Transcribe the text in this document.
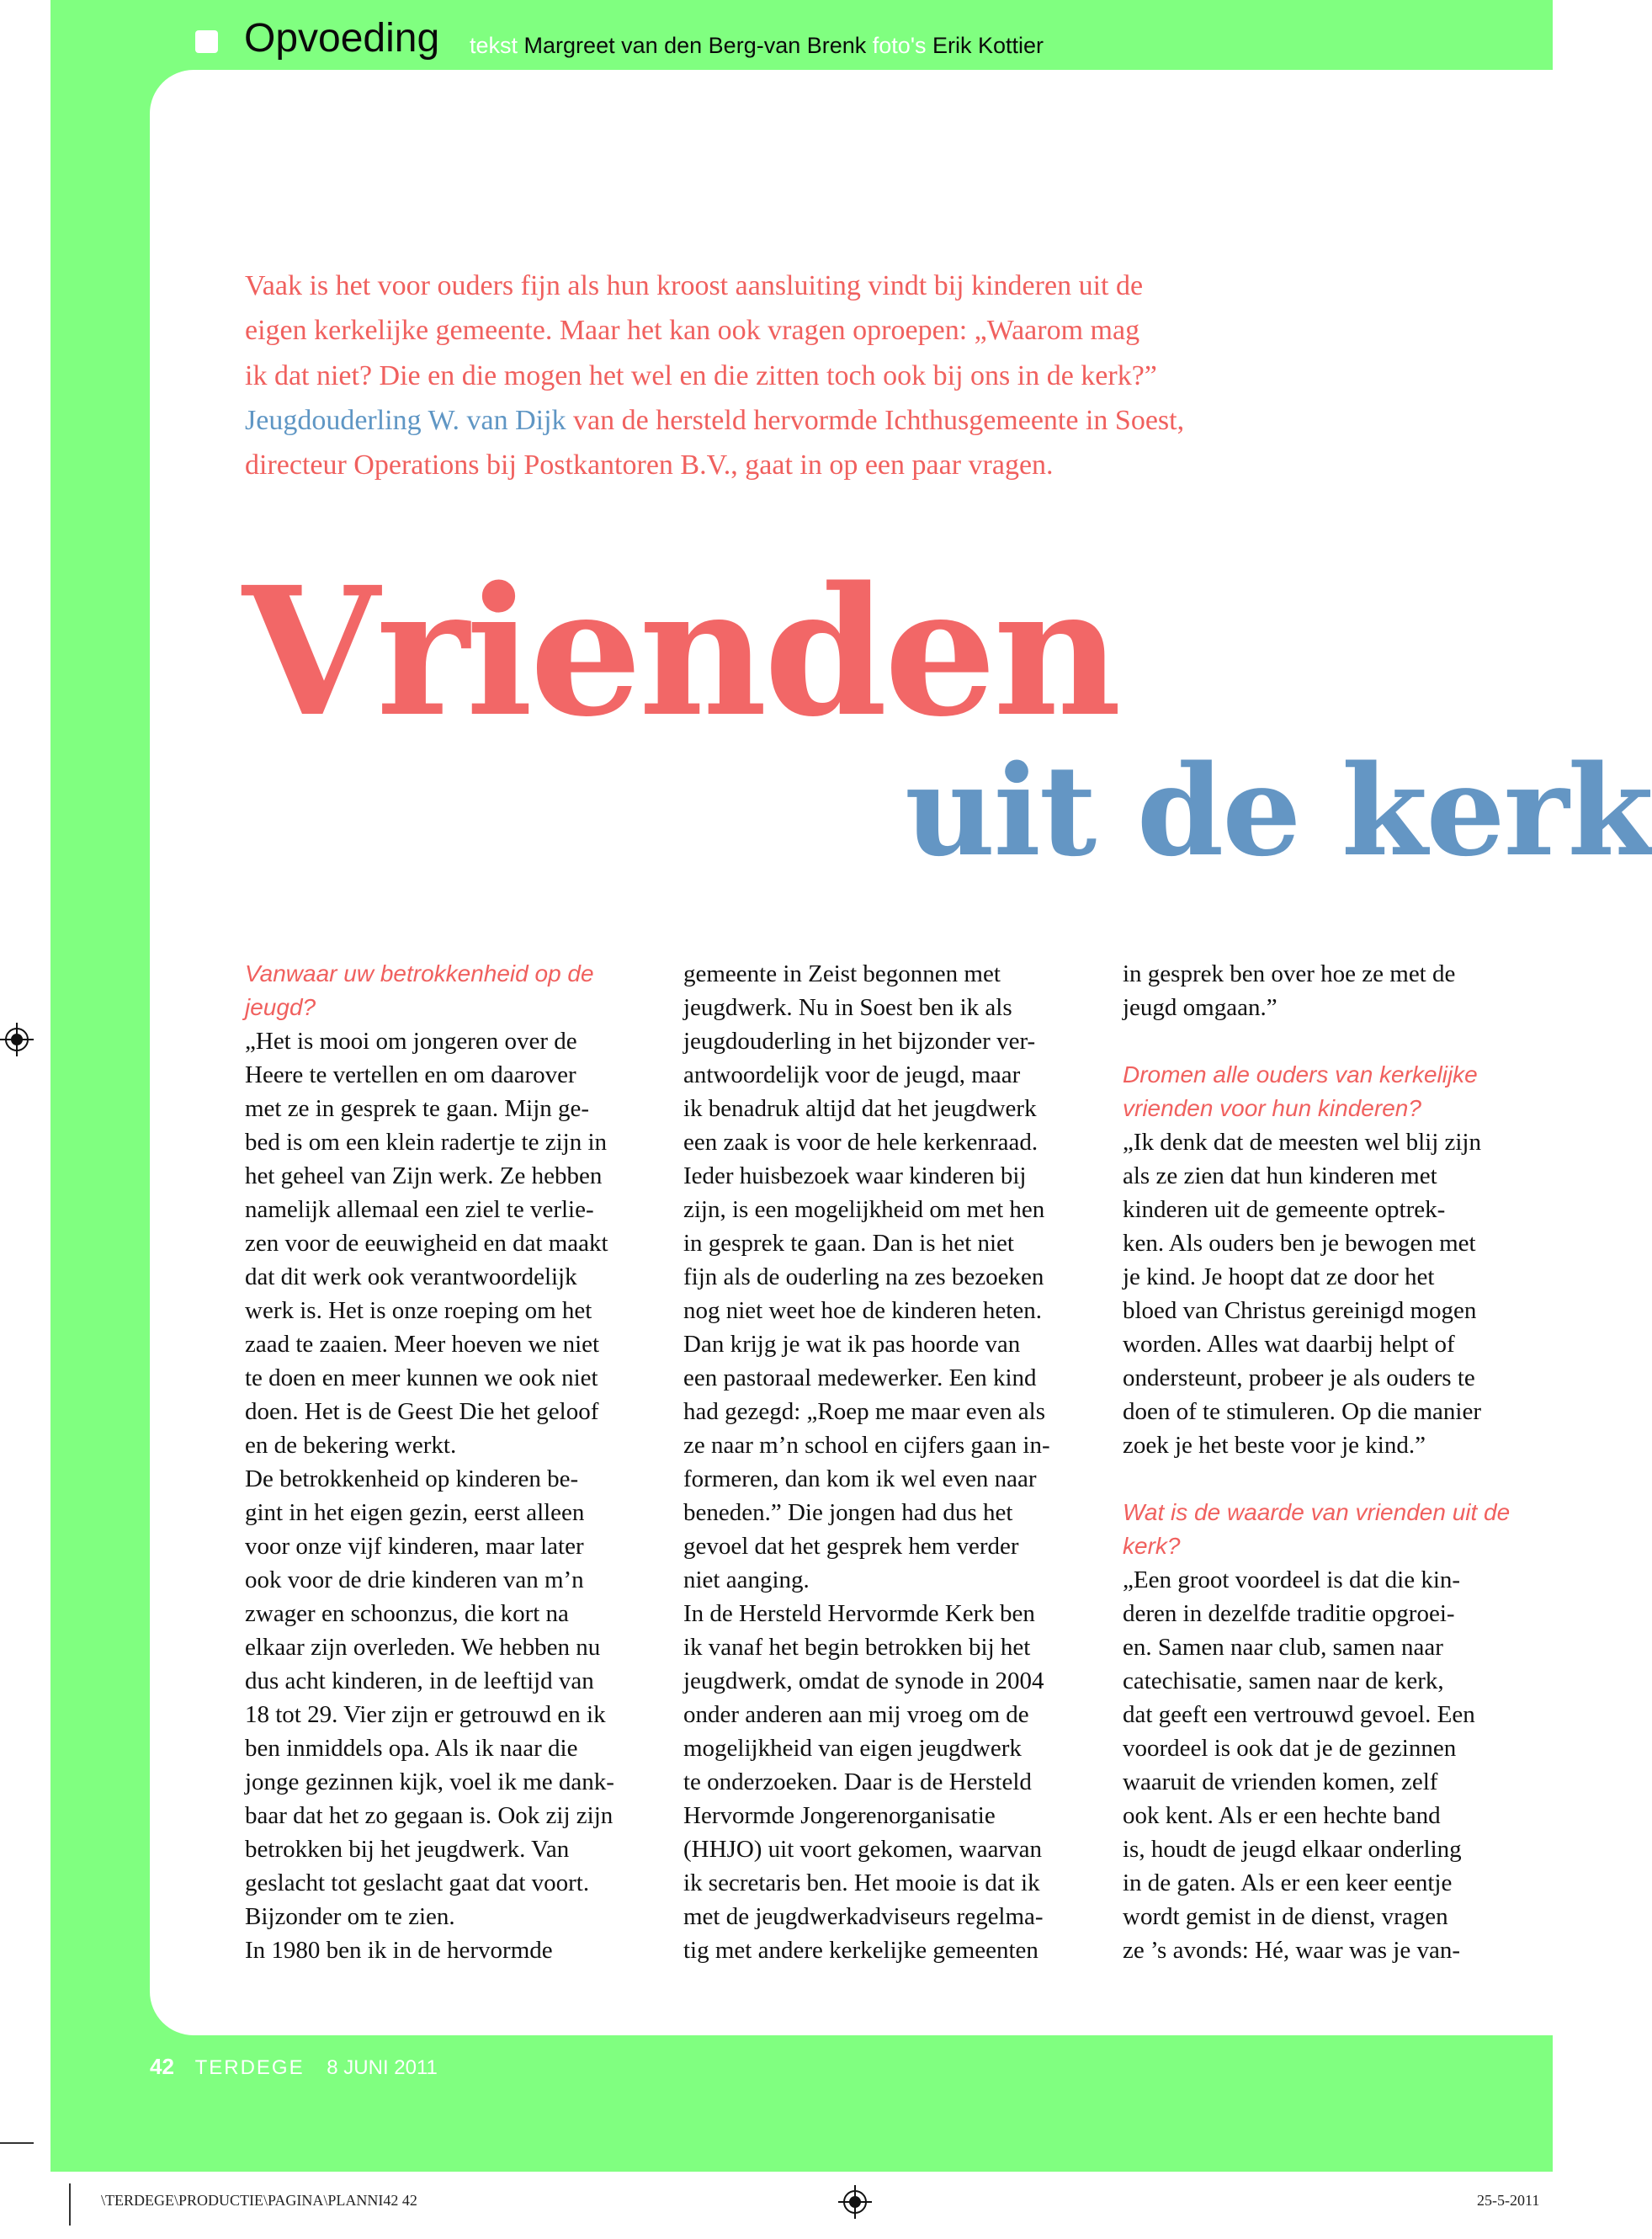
Opvoeding tekst Margreet van den Berg-van Brenk foto's Erik Kottier
Vaak is het voor ouders fijn als hun kroost aansluiting vindt bij kinderen uit de
eigen kerkelijke gemeente. Maar het kan ook vragen oproepen: „Waarom mag
ik dat niet? Die en die mogen het wel en die zitten toch ook bij ons in de kerk?”
Jeugdouderling W. van Dijk van de hersteld hervormde Ichthusgemeente in Soest,
directeur Operations bij Postkantoren B.V., gaat in op een paar vragen.
Vrienden
uit de kerk

Vanwaar uw betrokkenheid op de

jeugd?

„Het is mooi om jongeren over de

Heere te vertellen en om daarover

met ze in gesprek te gaan. Mijn ge-

bed is om een klein radertje te zijn in

het geheel van Zijn werk. Ze hebben

namelijk allemaal een ziel te verlie-

zen voor de eeuwigheid en dat maakt

dat dit werk ook verantwoordelijk

werk is. Het is onze roeping om het

zaad te zaaien. Meer hoeven we niet

te doen en meer kunnen we ook niet

doen. Het is de Geest Die het geloof

en de bekering werkt.

De betrokkenheid op kinderen be-

gint in het eigen gezin, eerst alleen

voor onze vijf kinderen, maar later

ook voor de drie kinderen van m’n

zwager en schoonzus, die kort na

elkaar zijn overleden. We hebben nu

dus acht kinderen, in de leeftijd van

18 tot 29. Vier zijn er getrouwd en ik

ben inmiddels opa. Als ik naar die

jonge gezinnen kijk, voel ik me dank-

baar dat het zo gegaan is. Ook zij zijn

betrokken bij het jeugdwerk. Van

geslacht tot geslacht gaat dat voort.

Bijzonder om te zien.

In 1980 ben ik in de hervormde

gemeente in Zeist begonnen met

jeugdwerk. Nu in Soest ben ik als

jeugdouderling in het bijzonder ver-

antwoordelijk voor de jeugd, maar

ik benadruk altijd dat het jeugdwerk

een zaak is voor de hele kerkenraad.

Ieder huisbezoek waar kinderen bij

zijn, is een mogelijkheid om met hen

in gesprek te gaan. Dan is het niet

fijn als de ouderling na zes bezoeken

nog niet weet hoe de kinderen heten.

Dan krijg je wat ik pas hoorde van

een pastoraal medewerker. Een kind

had gezegd: „Roep me maar even als

ze naar m’n school en cijfers gaan in-

formeren, dan kom ik wel even naar

beneden.” Die jongen had dus het

gevoel dat het gesprek hem verder

niet aanging.

In de Hersteld Hervormde Kerk ben

ik vanaf het begin betrokken bij het

jeugdwerk, omdat de synode in 2004

onder anderen aan mij vroeg om de

mogelijkheid van eigen jeugdwerk

te onderzoeken. Daar is de Hersteld

Hervormde Jongerenorganisatie

(HHJO) uit voort gekomen, waarvan

ik secretaris ben. Het mooie is dat ik

met de jeugdwerkadviseurs regelma-

tig met andere kerkelijke gemeenten

in gesprek ben over hoe ze met de

jeugd omgaan.”

Dromen alle ouders van kerkelijke

vrienden voor hun kinderen?

„Ik denk dat de meesten wel blij zijn

als ze zien dat hun kinderen met

kinderen uit de gemeente optrek-

ken. Als ouders ben je bewogen met

je kind. Je hoopt dat ze door het

bloed van Christus gereinigd mogen

worden. Alles wat daarbij helpt of

ondersteunt, probeer je als ouders te

doen of te stimuleren. Op die manier

zoek je het beste voor je kind.”

Wat is de waarde van vrienden uit de

kerk?

„Een groot voordeel is dat die kin-

deren in dezelfde traditie opgroei-

en. Samen naar club, samen naar

catechisatie, samen naar de kerk,

dat geeft een vertrouwd gevoel. Een

voordeel is ook dat je de gezinnen

waaruit de vrienden komen, zelf

ook kent. Als er een hechte band

is, houdt de jeugd elkaar onderling

in de gaten. Als er een keer eentje

wordt gemist in de dienst, vragen

ze ’s avonds: Hé, waar was je van-

42 TERDEGE 8 JUNI 2011
\TERDEGE\PRODUCTIE\PAGINA\PLANNI42 42	25-5-2011
